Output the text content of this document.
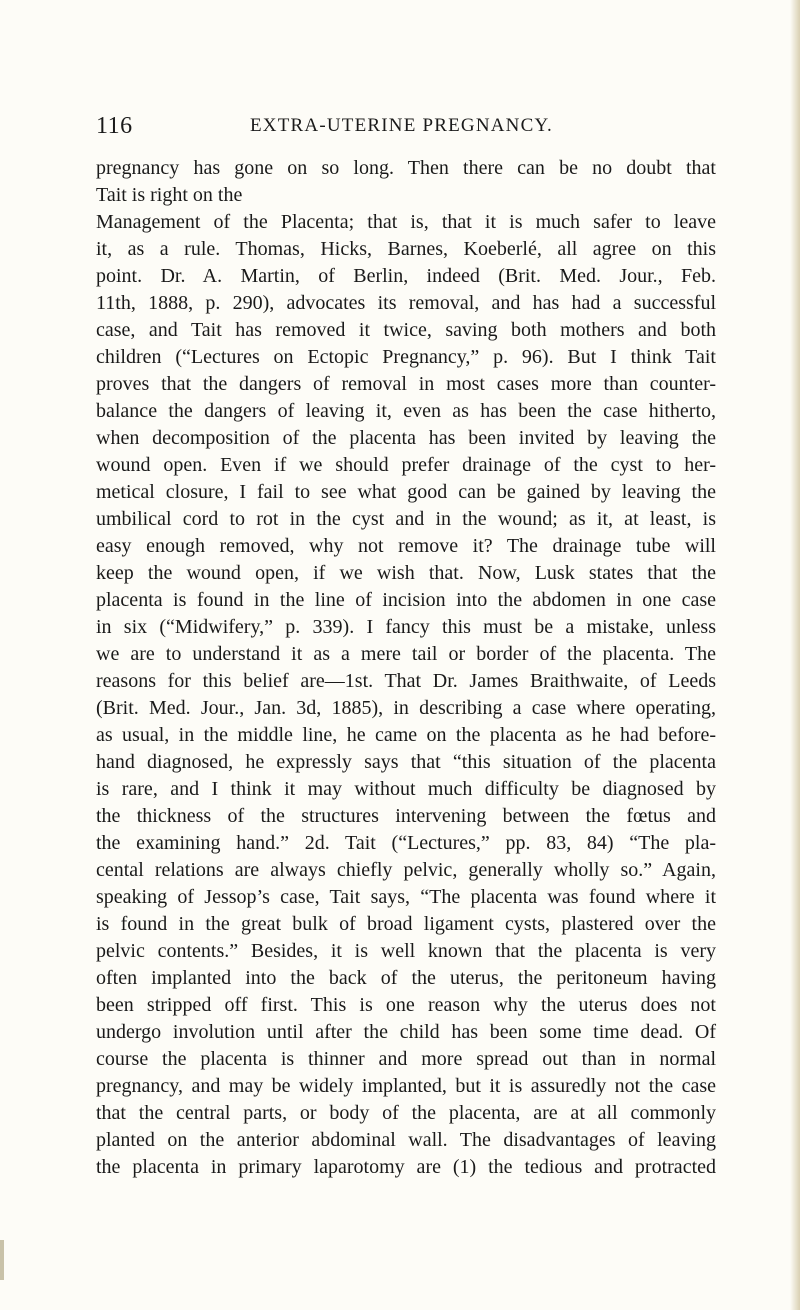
116	EXTRA-UTERINE PREGNANCY.
pregnancy has gone on so long. Then there can be no doubt that
Tait is right on the
Management of the Placenta; that is, that it is much safer to leave
it, as a rule. Thomas, Hicks, Barnes, Koeberlé, all agree on this
point. Dr. A. Martin, of Berlin, indeed (Brit. Med. Jour., Feb.
11th, 1888, p. 290), advocates its removal, and has had a successful
case, and Tait has removed it twice, saving both mothers and both
children (“Lectures on Ectopic Pregnancy,” p. 96). But I think Tait
proves that the dangers of removal in most cases more than counter-
balance the dangers of leaving it, even as has been the case hitherto,
when decomposition of the placenta has been invited by leaving the
wound open. Even if we should prefer drainage of the cyst to her-
metical closure, I fail to see what good can be gained by leaving the
umbilical cord to rot in the cyst and in the wound; as it, at least, is
easy enough removed, why not remove it? The drainage tube will
keep the wound open, if we wish that. Now, Lusk states that the
placenta is found in the line of incision into the abdomen in one case
in six (“Midwifery,” p. 339). I fancy this must be a mistake, unless
we are to understand it as a mere tail or border of the placenta. The
reasons for this belief are—1st. That Dr. James Braithwaite, of Leeds
(Brit. Med. Jour., Jan. 3d, 1885), in describing a case where operating,
as usual, in the middle line, he came on the placenta as he had before-
hand diagnosed, he expressly says that “this situation of the placenta
is rare, and I think it may without much difficulty be diagnosed by
the thickness of the structures intervening between the fœtus and
the examining hand.” 2d. Tait (“Lectures,” pp. 83, 84) “The pla-
cental relations are always chiefly pelvic, generally wholly so.” Again,
speaking of Jessop’s case, Tait says, “The placenta was found where it
is found in the great bulk of broad ligament cysts, plastered over the
pelvic contents.” Besides, it is well known that the placenta is very
often implanted into the back of the uterus, the peritoneum having
been stripped off first. This is one reason why the uterus does not
undergo involution until after the child has been some time dead. Of
course the placenta is thinner and more spread out than in normal
pregnancy, and may be widely implanted, but it is assuredly not the case
that the central parts, or body of the placenta, are at all commonly
planted on the anterior abdominal wall. The disadvantages of leaving
the placenta in primary laparotomy are (1) the tedious and protracted
